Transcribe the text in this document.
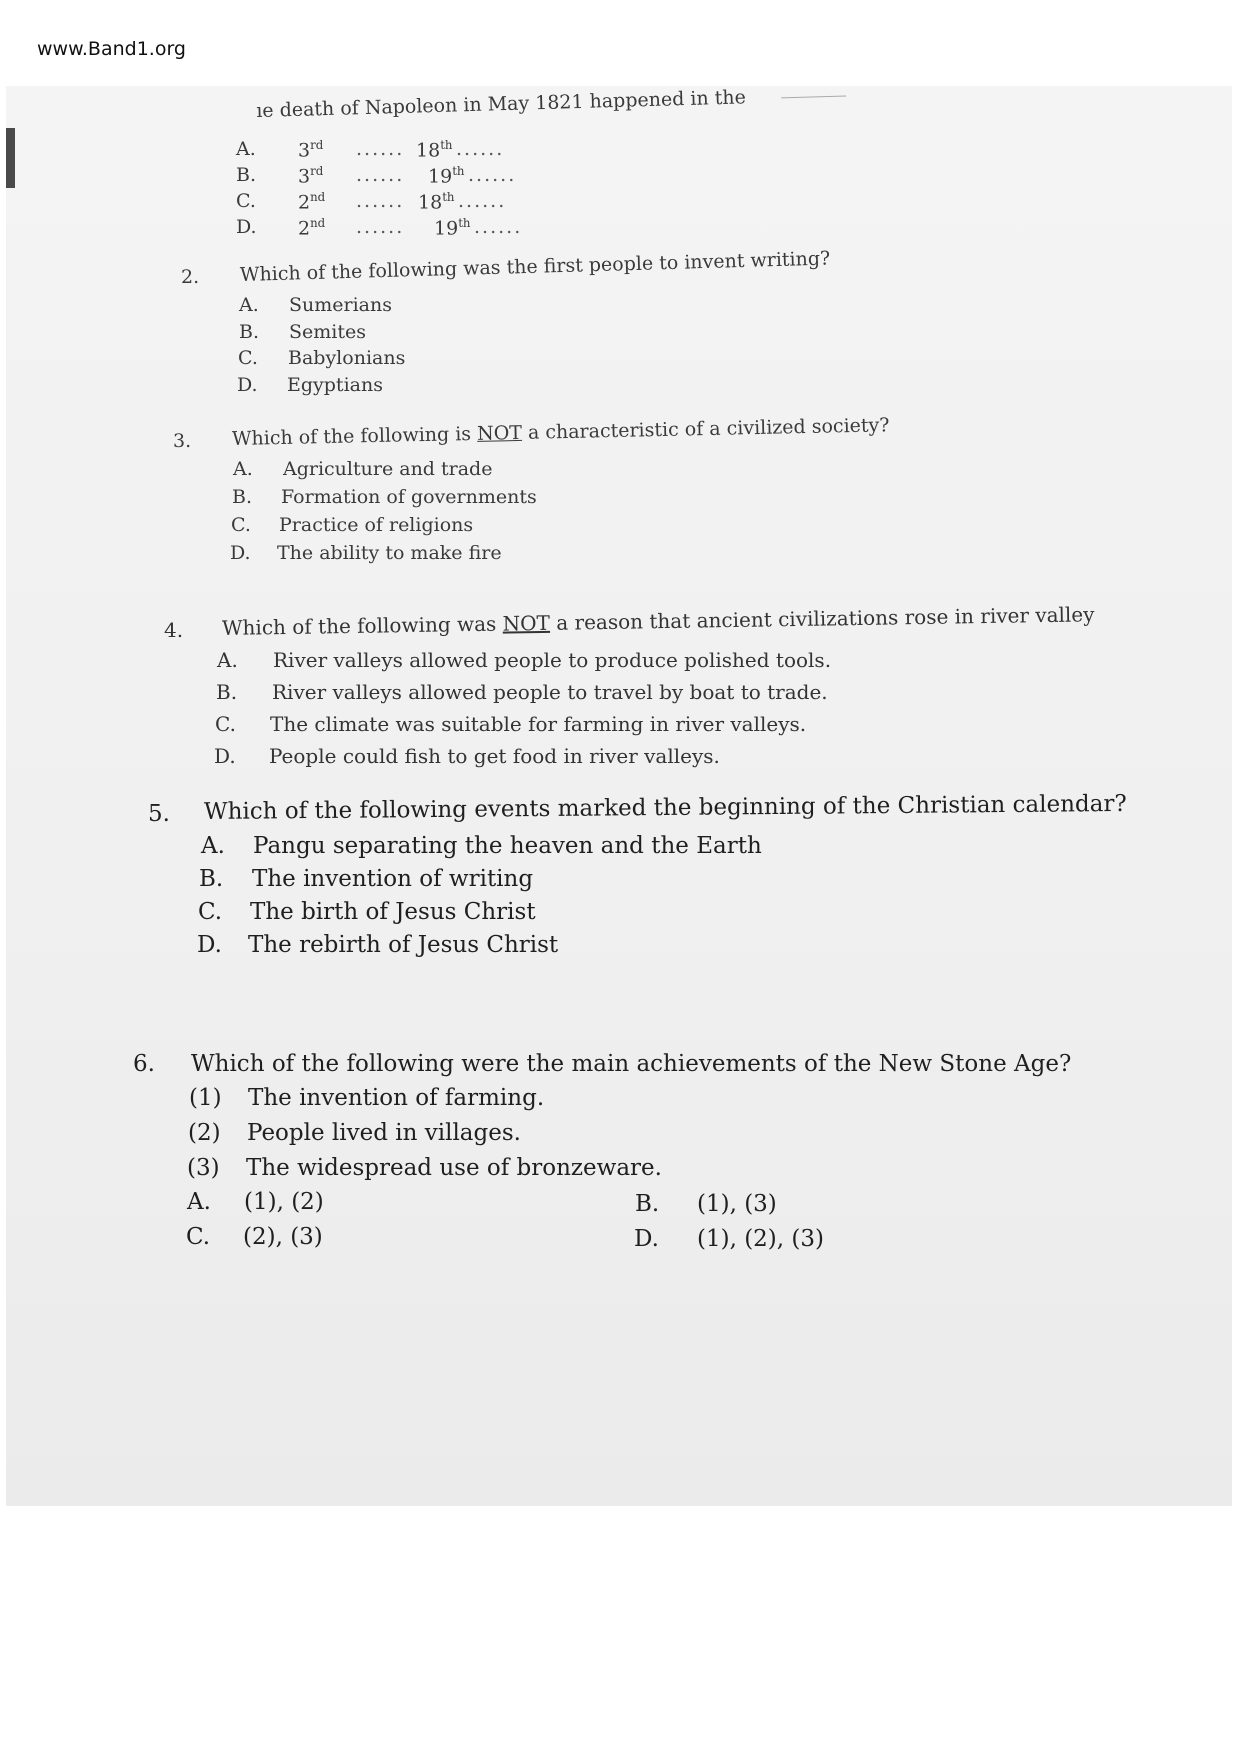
www.Band1.org
ıe death of Napoleon in May 1821 happened in the
A. 3rd ...... 18th ......
B. 3rd ...... 19th ......
C. 2nd ...... 18th ......
D. 2nd ...... 19th ......
2. Which of the following was the first people to invent writing?
A. Sumerians
B. Semites
C. Babylonians
D. Egyptians
3. Which of the following is NOT a characteristic of a civilized society?
A. Agriculture and trade
B. Formation of governments
C. Practice of religions
D. The ability to make fire
4. Which of the following was NOT a reason that ancient civilizations rose in river valley
A. River valleys allowed people to produce polished tools.
B. River valleys allowed people to travel by boat to trade.
C. The climate was suitable for farming in river valleys.
D. People could fish to get food in river valleys.
5. Which of the following events marked the beginning of the Christian calendar?
A. Pangu separating the heaven and the Earth
B. The invention of writing
C. The birth of Jesus Christ
D. The rebirth of Jesus Christ
6. Which of the following were the main achievements of the New Stone Age?
(1) The invention of farming.
(2) People lived in villages.
(3) The widespread use of bronzeware.
A. (1), (2)	B. (1), (3)
C. (2), (3)	D. (1), (2), (3)
